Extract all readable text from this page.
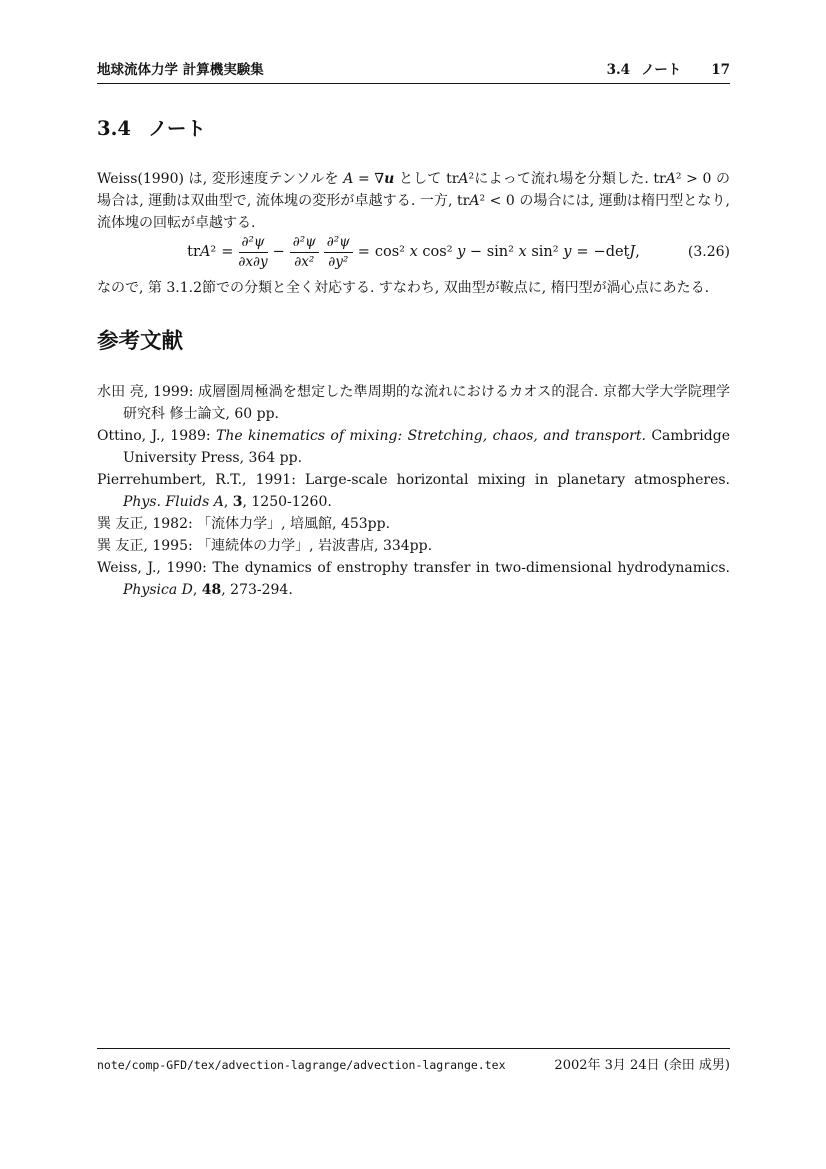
地球流体力学 計算機実験集	3.4 ノート 17
3.4 ノート

Weiss(1990) は, 変形速度テンソルを A = ∇u として trA²によって流れ場を分類した. trA² > 0 の場合は, 運動は双曲型で, 流体塊の変形が卓越する. 一方, trA² < 0 の場合には, 運動は楕円型となり, 流体塊の回転が卓越する.

$trA^2 = \frac{\text{∂²ψ}}{\partial x\partial y} - \frac{\text{∂²ψ}}{\text{∂x²}} \frac{\text{∂²ψ}}{\text{∂y²}} = \cos^2$ x cos² y − sin² x sin² y = −detJ,	(3.26)

なので, 第 3.1.2節での分類と全く対応する. すなわち, 双曲型が鞍点に, 楕円型が渦心点にあたる.

参考文献
水田 亮, 1999: 成層圏周極渦を想定した準周期的な流れにおけるカオス的混合. 京都大学大学院理学研究科 修士論文, 60 pp.
Ottino, J., 1989: The kinematics of mixing: Stretching, chaos, and transport. Cambridge University Press, 364 pp.
Pierrehumbert, R.T., 1991: Large-scale horizontal mixing in planetary atmospheres. Phys. Fluids A, 3, 1250-1260.
巽 友正, 1982: 「流体力学」, 培風館, 453pp.
巽 友正, 1995: 「連続体の力学」, 岩波書店, 334pp.
Weiss, J., 1990: The dynamics of enstrophy transfer in two-dimensional hydrodynamics. Physica D, 48, 273-294.
note/comp-GFD/tex/advection-lagrange/advection-lagrange.tex	2002年 3月 24日 (余田 成男)
